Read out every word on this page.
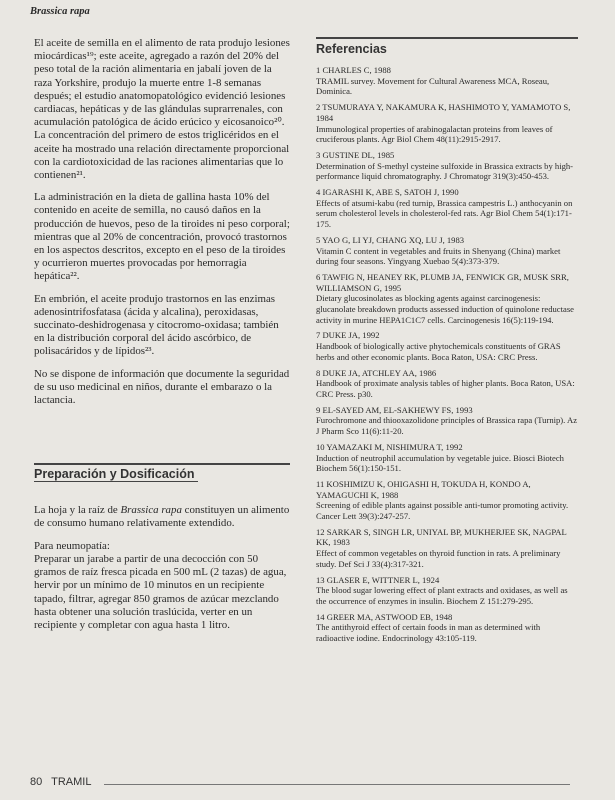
Brassica rapa

El aceite de semilla en el alimento de rata produjo lesiones miocárdicas¹⁹; este aceite, agregado a razón del 20% del peso total de la ración alimentaria en jabalí joven de la raza Yorkshire, produjo la muerte entre 1-8 semanas después; el estudio anatomopatológico evidenció lesiones cardiacas, hepáticas y de las glándulas suprarrenales, con acumulación patológica de ácido erúcico y eicosanoico²⁰. La concentración del primero de estos triglicéridos en el aceite ha mostrado una relación directamente proporcional con la cardiotoxicidad de las raciones alimentarias que lo contienen²¹.

La administración en la dieta de gallina hasta 10% del contenido en aceite de semilla, no causó daños en la producción de huevos, peso de la tiroides ni peso corporal; mientras que al 20% de concentración, provocó trastornos en los aspectos descritos, excepto en el peso de la tiroides y ocurrieron muertes provocadas por hemorragia hepática²².

En embrión, el aceite produjo trastornos en las enzimas adenosintrifosfatasa (ácida y alcalina), peroxidasas, succinato-deshidrogenasa y citocromo-oxidasa; también en la distribución corporal del ácido ascórbico, de polisacáridos y de lípidos²³.

No se dispone de información que documente la seguridad de su uso medicinal en niños, durante el embarazo o la lactancia.

Preparación y Dosificación

La hoja y la raíz de Brassica rapa constituyen un alimento de consumo humano relativamente extendido.

Para neumopatía:

Preparar un jarabe a partir de una decocción con 50 gramos de raíz fresca picada en 500 mL (2 tazas) de agua, hervir por un mínimo de 10 minutos en un recipiente tapado, filtrar, agregar 850 gramos de azúcar mezclando hasta obtener una solución traslúcida, verter en un recipiente y completar con agua hasta 1 litro.

Referencias
1 CHARLES C, 1988
TRAMIL survey. Movement for Cultural Awareness MCA, Roseau, Dominica.
2 TSUMURAYA Y, NAKAMURA K, HASHIMOTO Y, YAMAMOTO S, 1984
Immunological properties of arabinogalactan proteins from leaves of cruciferous plants. Agr Biol Chem 48(11):2915-2917.
3 GUSTINE DL, 1985
Determination of S-methyl cysteine sulfoxide in Brassica extracts by high-performance liquid chromatography. J Chromatogr 319(3):450-453.
4 IGARASHI K, ABE S, SATOH J, 1990
Effects of atsumi-kabu (red turnip, Brassica campestris L.) anthocyanin on serum cholesterol levels in cholesterol-fed rats. Agr Biol Chem 54(1):171-175.
5 YAO G, LI YJ, CHANG XQ, LU J, 1983
Vitamin C content in vegetables and fruits in Shenyang (China) market during four seasons. Yingyang Xuebao 5(4):373-379.
6 TAWFIG N, HEANEY RK, PLUMB JA, FENWICK GR, MUSK SRR, WILLIAMSON G, 1995
Dietary glucosinolates as blocking agents against carcinogenesis: glucanolate breakdown products assessed induction of quinolone reductase activity in murine HEPA1C1C7 cells. Carcinogenesis 16(5):119-194.
7 DUKE JA, 1992
Handbook of biologically active phytochemicals constituents of GRAS herbs and other economic plants. Boca Raton, USA: CRC Press.
8 DUKE JA, ATCHLEY AA, 1986
Handbook of proximate analysis tables of higher plants. Boca Raton, USA: CRC Press. p30.
9 EL-SAYED AM, EL-SAKHEWY FS, 1993
Furochromone and thiooxazolidone principles of Brassica rapa (Turnip). Az J Pharm Sco 11(6):11-20.
10 YAMAZAKI M, NISHIMURA T, 1992
Induction of neutrophil accumulation by vegetable juice. Biosci Biotech Biochem 56(1):150-151.
11 KOSHIMIZU K, OHIGASHI H, TOKUDA H, KONDO A, YAMAGUCHI K, 1988
Screening of edible plants against possible anti-tumor promoting activity. Cancer Lett 39(3):247-257.
12 SARKAR S, SINGH LR, UNIYAL BP, MUKHERJEE SK, NAGPAL KK, 1983
Effect of common vegetables on thyroid function in rats. A preliminary study. Def Sci J 33(4):317-321.
13 GLASER E, WITTNER L, 1924
The blood sugar lowering effect of plant extracts and oxidases, as well as the occurrence of enzymes in insulin. Biochem Z 151:279-295.
14 GREER MA, ASTWOOD EB, 1948
The antithyroid effect of certain foods in man as determined with radioactive iodine. Endocrinology 43:105-119.
80 TRAMIL
